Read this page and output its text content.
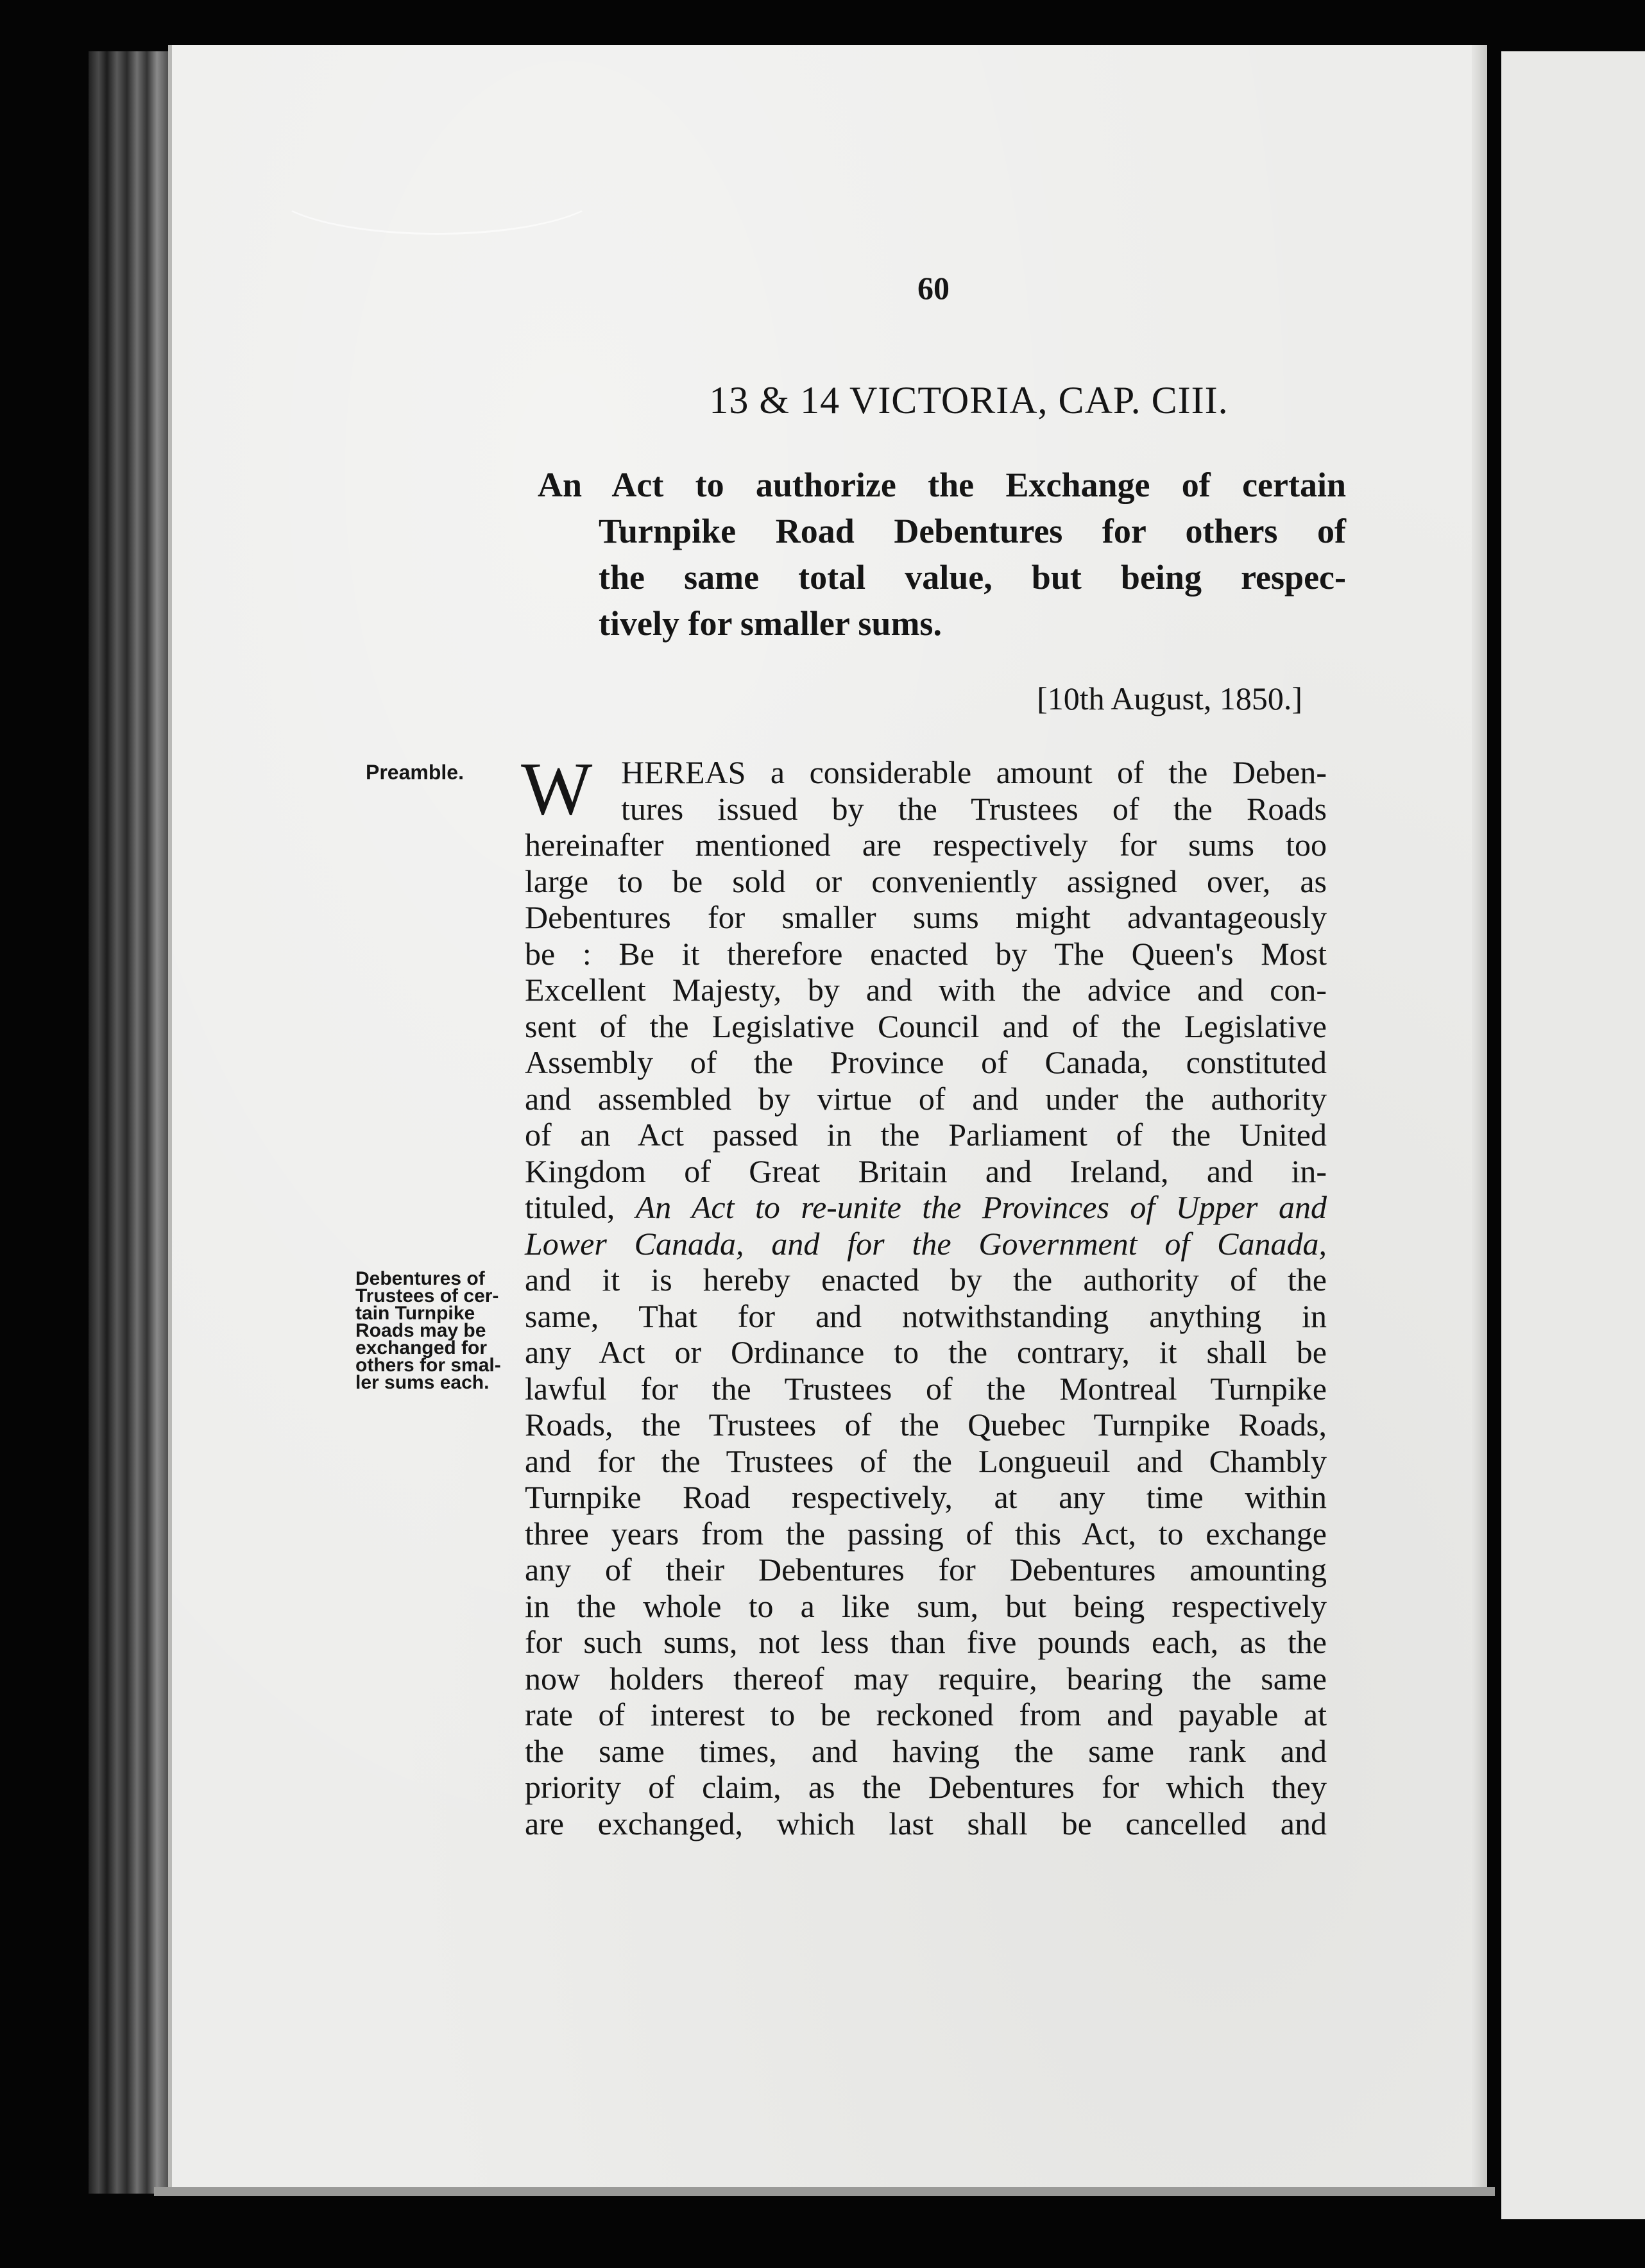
60
13 & 14 VICTORIA, CAP. CIII.
An Act to authorize the Exchange of certain
Turnpike Road Debentures for others of
the same total value, but being respec-
tively for smaller sums.
[10th August, 1850.]
Preamble.
Debentures of
Trustees of cer-
tain Turnpike
Roads may be
exchanged for
others for smal-
ler sums each.
W HEREAS a considerable amount of the Deben-
tures issued by the Trustees of the Roads
hereinafter mentioned are respectively for sums too
large to be sold or conveniently assigned over, as
Debentures for smaller sums might advantageously
be : Be it therefore enacted by The Queen's Most
Excellent Majesty, by and with the advice and con-
sent of the Legislative Council and of the Legislative
Assembly of the Province of Canada, constituted
and assembled by virtue of and under the authority
of an Act passed in the Parliament of the United
Kingdom of Great Britain and Ireland, and in-
tituled, An Act to re-unite the Provinces of Upper and
Lower Canada, and for the Government of Canada,
and it is hereby enacted by the authority of the
same, That for and notwithstanding anything in
any Act or Ordinance to the contrary, it shall be
lawful for the Trustees of the Montreal Turnpike
Roads, the Trustees of the Quebec Turnpike Roads,
and for the Trustees of the Longueuil and Chambly
Turnpike Road respectively, at any time within
three years from the passing of this Act, to exchange
any of their Debentures for Debentures amounting
in the whole to a like sum, but being respectively
for such sums, not less than five pounds each, as the
now holders thereof may require, bearing the same
rate of interest to be reckoned from and payable at
the same times, and having the same rank and
priority of claim, as the Debentures for which they
are exchanged, which last shall be cancelled and
